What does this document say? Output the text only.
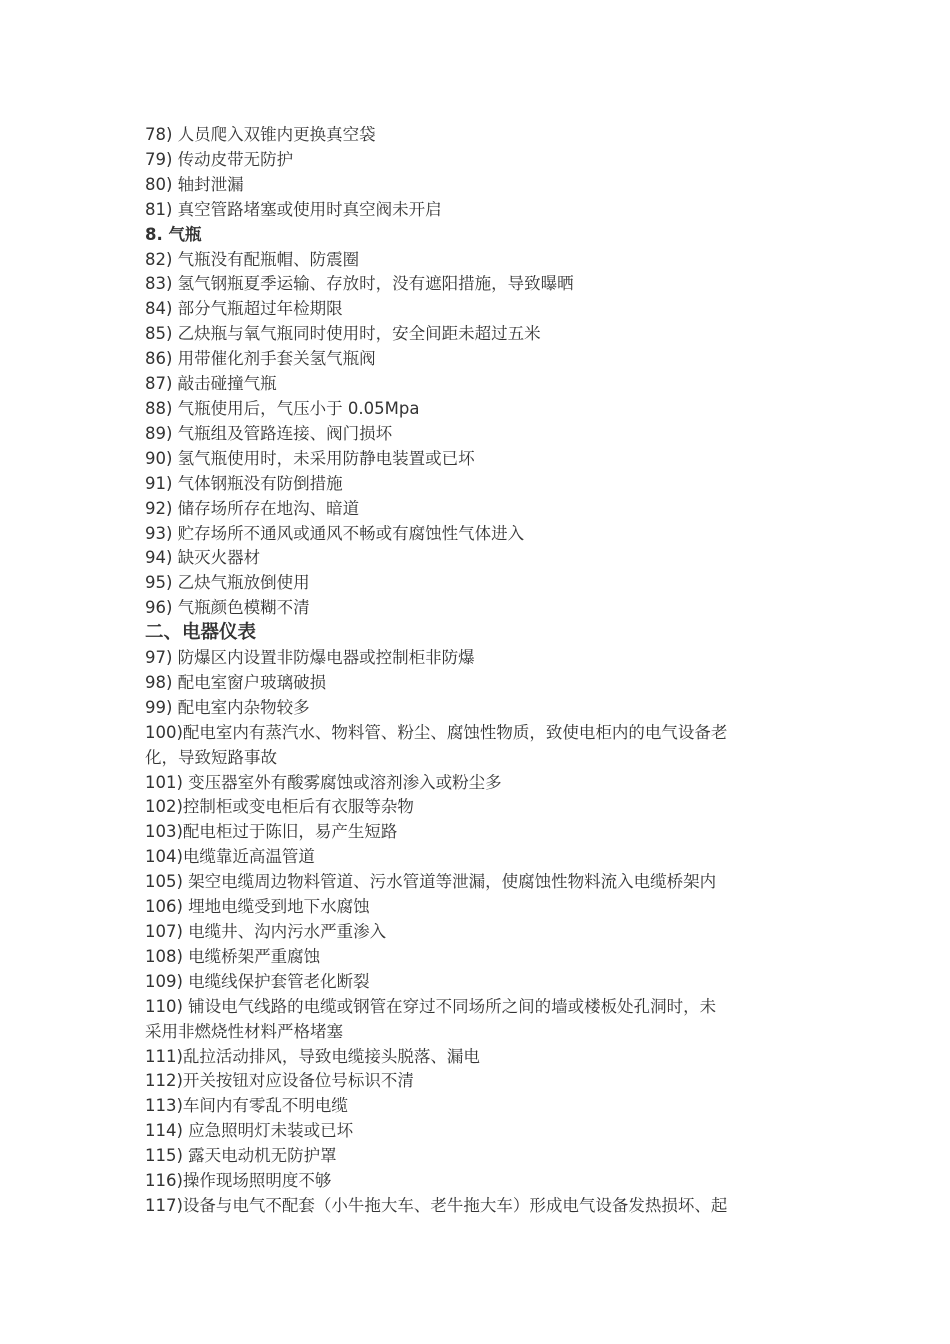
78) 人员爬入双锥内更换真空袋
79) 传动皮带无防护
80) 轴封泄漏
81) 真空管路堵塞或使用时真空阀未开启
8. 气瓶
82) 气瓶没有配瓶帽、防震圈
83) 氢气钢瓶夏季运输、存放时，没有遮阳措施，导致曝晒
84) 部分气瓶超过年检期限
85) 乙炔瓶与氧气瓶同时使用时，安全间距未超过五米
86) 用带催化剂手套关氢气瓶阀
87) 敲击碰撞气瓶
88) 气瓶使用后，气压小于 0.05Mpa
89) 气瓶组及管路连接、阀门损坏
90) 氢气瓶使用时，未采用防静电装置或已坏
91) 气体钢瓶没有防倒措施
92) 储存场所存在地沟、暗道
93) 贮存场所不通风或通风不畅或有腐蚀性气体进入
94) 缺灭火器材
95) 乙炔气瓶放倒使用
96) 气瓶颜色模糊不清
二、电器仪表
97) 防爆区内设置非防爆电器或控制柜非防爆
98) 配电室窗户玻璃破损
99) 配电室内杂物较多
100)配电室内有蒸汽水、物料管、粉尘、腐蚀性物质，致使电柜内的电气设备老
化，导致短路事故
101) 变压器室外有酸雾腐蚀或溶剂渗入或粉尘多
102)控制柜或变电柜后有衣服等杂物
103)配电柜过于陈旧，易产生短路
104)电缆靠近高温管道
105) 架空电缆周边物料管道、污水管道等泄漏，使腐蚀性物料流入电缆桥架内
106) 埋地电缆受到地下水腐蚀
107) 电缆井、沟内污水严重渗入
108) 电缆桥架严重腐蚀
109) 电缆线保护套管老化断裂
110) 铺设电气线路的电缆或钢管在穿过不同场所之间的墙或楼板处孔洞时，未
采用非燃烧性材料严格堵塞
111)乱拉活动排风，导致电缆接头脱落、漏电
112)开关按钮对应设备位号标识不清
113)车间内有零乱不明电缆
114) 应急照明灯未装或已坏
115) 露天电动机无防护罩
116)操作现场照明度不够
117)设备与电气不配套（小牛拖大车、老牛拖大车）形成电气设备发热损坏、起
